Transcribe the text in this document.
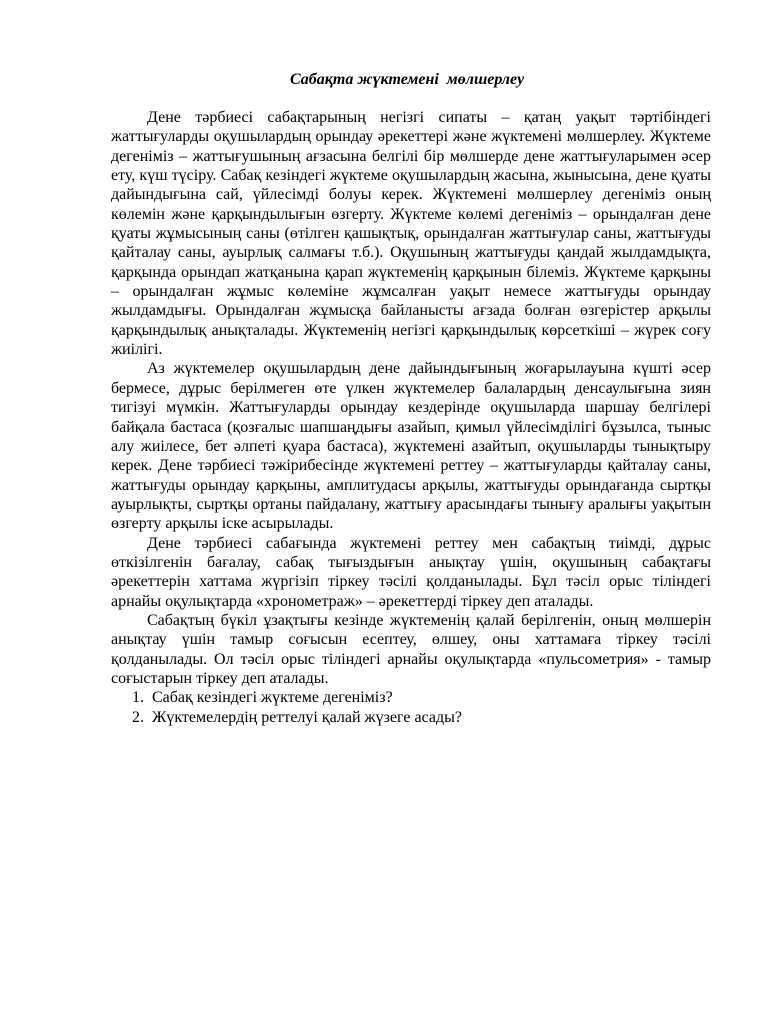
Сабақта жүктемені  мөлшерлеу

Дене тәрбиесі сабақтарының негізгі сипаты – қатаң уақыт тәртібіндегі жаттығуларды оқушылардың орындау әрекеттері және жүктемені мөлшерлеу. Жүктеме дегеніміз – жаттығушының ағзасына белгілі бір мөлшерде дене жаттығуларымен әсер ету, күш түсіру. Сабақ кезіндегі жүктеме оқушылардың жасына, жынысына, дене қуаты дайындығына сай, үйлесімді болуы керек. Жүктемені мөлшерлеу дегеніміз оның көлемін және қарқындылығын өзгерту. Жүктеме көлемі дегеніміз – орындалған дене қуаты жұмысының саны (өтілген қашықтық, орындалған жаттығулар саны, жаттығуды қайталау саны, ауырлық салмағы т.б.). Оқушының жаттығуды қандай жылдамдықта, қарқында орындап жатқанына қарап жүктеменің қарқынын білеміз. Жүктеме қарқыны – орындалған жұмыс көлеміне жұмсалған уақыт немесе жаттығуды орындау жылдамдығы. Орындалған жұмысқа байланысты ағзада болған өзгерістер арқылы қарқындылық анықталады. Жүктеменің негізгі қарқындылық көрсеткіші – жүрек соғу жиілігі.

Аз жүктемелер оқушылардың дене дайындығының жоғарылауына күшті әсер бермесе, дұрыс берілмеген өте үлкен жүктемелер балалардың денсаулығына зиян тигізуі мүмкін. Жаттығуларды орындау кездерінде оқушыларда шаршау белгілері байқала бастаса (қозғалыс шапшаңдығы азайып, қимыл үйлесімділігі бұзылса, тыныс алу жиілесе, бет әлпеті қуара бастаса), жүктемені азайтып, оқушыларды тынықтыру керек. Дене тәрбиесі тәжірибесінде жүктемені реттеу – жаттығуларды қайталау саны, жаттығуды орындау қарқыны, амплитудасы арқылы, жаттығуды орындағанда сыртқы ауырлықты, сыртқы ортаны пайдалану, жаттығу арасындағы тынығу аралығы уақытын өзгерту арқылы іске асырылады.

Дене тәрбиесі сабағында жүктемені реттеу мен сабақтың тиімді, дұрыс өткізілгенін бағалау, сабақ тығыздығын анықтау үшін, оқушының сабақтағы әрекеттерін хаттама жүргізіп тіркеу тәсілі қолданылады. Бұл тәсіл орыс тіліндегі арнайы оқулықтарда «хронометраж» – әрекеттерді тіркеу деп аталады.

Сабақтың бүкіл ұзақтығы кезінде жүктеменің қалай берілгенін, оның мөлшерін анықтау үшін тамыр соғысын есептеу, өлшеу, оны хаттамаға тіркеу тәсілі қолданылады. Ол тәсіл орыс тіліндегі арнайы оқулықтарда «пульсометрия» - тамыр соғыстарын тіркеу деп аталады.

1. Сабақ кезіндегі жүктеме дегеніміз?
2. Жүктемелердің реттелуі қалай жүзеге асады?
